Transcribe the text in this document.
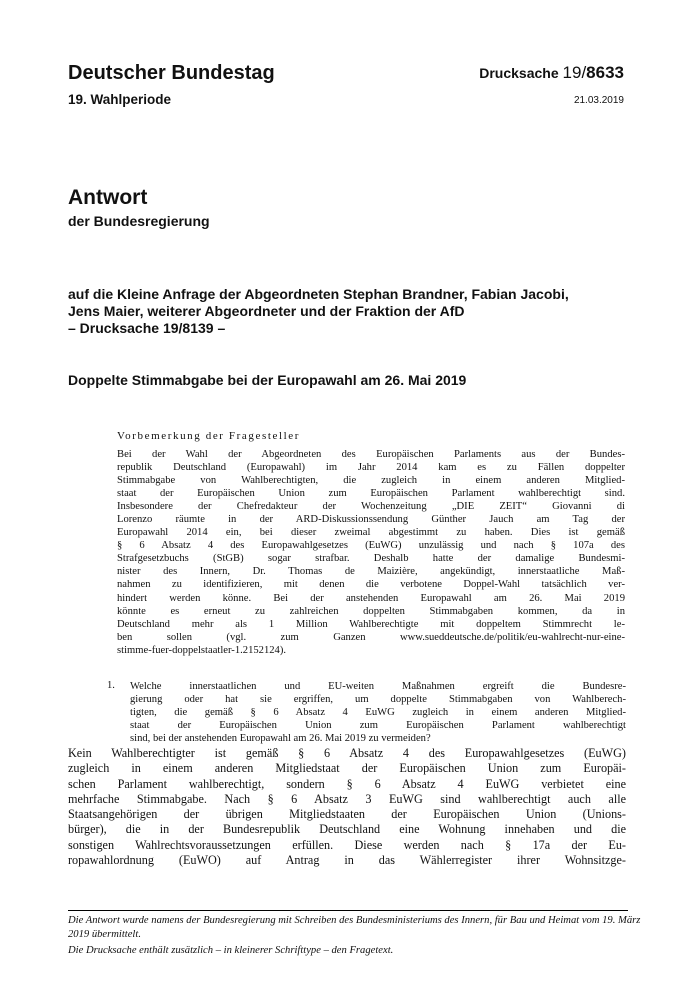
Deutscher Bundestag
19. Wahlperiode
Drucksache 19/8633
21.03.2019
Antwort
der Bundesregierung
auf die Kleine Anfrage der Abgeordneten Stephan Brandner, Fabian Jacobi,
Jens Maier, weiterer Abgeordneter und der Fraktion der AfD
– Drucksache 19/8139 –
Doppelte Stimmabgabe bei der Europawahl am 26. Mai 2019
Vorbemerkung der Fragesteller
Bei der Wahl der Abgeordneten des Europäischen Parlaments aus der Bundes-
republik Deutschland (Europawahl) im Jahr 2014 kam es zu Fällen doppelter
Stimmabgabe von Wahlberechtigten, die zugleich in einem anderen Mitglied-
staat der Europäischen Union zum Europäischen Parlament wahlberechtigt sind.
Insbesondere der Chefredakteur der Wochenzeitung „DIE ZEIT“ Giovanni di
Lorenzo räumte in der ARD-Diskussionssendung Günther Jauch am Tag der
Europawahl 2014 ein, bei dieser zweimal abgestimmt zu haben. Dies ist gemäß
§ 6 Absatz 4 des Europawahlgesetzes (EuWG) unzulässig und nach § 107a des
Strafgesetzbuchs (StGB) sogar strafbar. Deshalb hatte der damalige Bundesmi-
nister des Innern, Dr. Thomas de Maizière, angekündigt, innerstaatliche Maß-
nahmen zu identifizieren, mit denen die verbotene Doppel-Wahl tatsächlich ver-
hindert werden könne. Bei der anstehenden Europawahl am 26. Mai 2019
könnte es erneut zu zahlreichen doppelten Stimmabgaben kommen, da in
Deutschland mehr als 1 Million Wahlberechtigte mit doppeltem Stimmrecht le-
ben sollen (vgl. zum Ganzen www.sueddeutsche.de/politik/eu-wahlrecht-nur-eine-
stimme-fuer-doppelstaatler-1.2152124).
1. Welche innerstaatlichen und EU-weiten Maßnahmen ergreift die Bundesre-
gierung oder hat sie ergriffen, um doppelte Stimmabgaben von Wahlberech-
tigten, die gemäß § 6 Absatz 4 EuWG zugleich in einem anderen Mitglied-
staat der Europäischen Union zum Europäischen Parlament wahlberechtigt
sind, bei der anstehenden Europawahl am 26. Mai 2019 zu vermeiden?
Kein Wahlberechtigter ist gemäß § 6 Absatz 4 des Europawahlgesetzes (EuWG)
zugleich in einem anderen Mitgliedstaat der Europäischen Union zum Europäi-
schen Parlament wahlberechtigt, sondern § 6 Absatz 4 EuWG verbietet eine
mehrfache Stimmabgabe. Nach § 6 Absatz 3 EuWG sind wahlberechtigt auch alle
Staatsangehörigen der übrigen Mitgliedstaaten der Europäischen Union (Unions-
bürger), die in der Bundesrepublik Deutschland eine Wohnung innehaben und die
sonstigen Wahlrechtsvoraussetzungen erfüllen. Diese werden nach § 17a der Eu-
ropawahlordnung (EuWO) auf Antrag in das Wählerregister ihrer Wohnsitzge-

Die Antwort wurde namens der Bundesregierung mit Schreiben des Bundesministeriums des Innern, für Bau und Heimat vom 19. März 2019 übermittelt.

Die Drucksache enthält zusätzlich – in kleinerer Schrifttype – den Fragetext.
